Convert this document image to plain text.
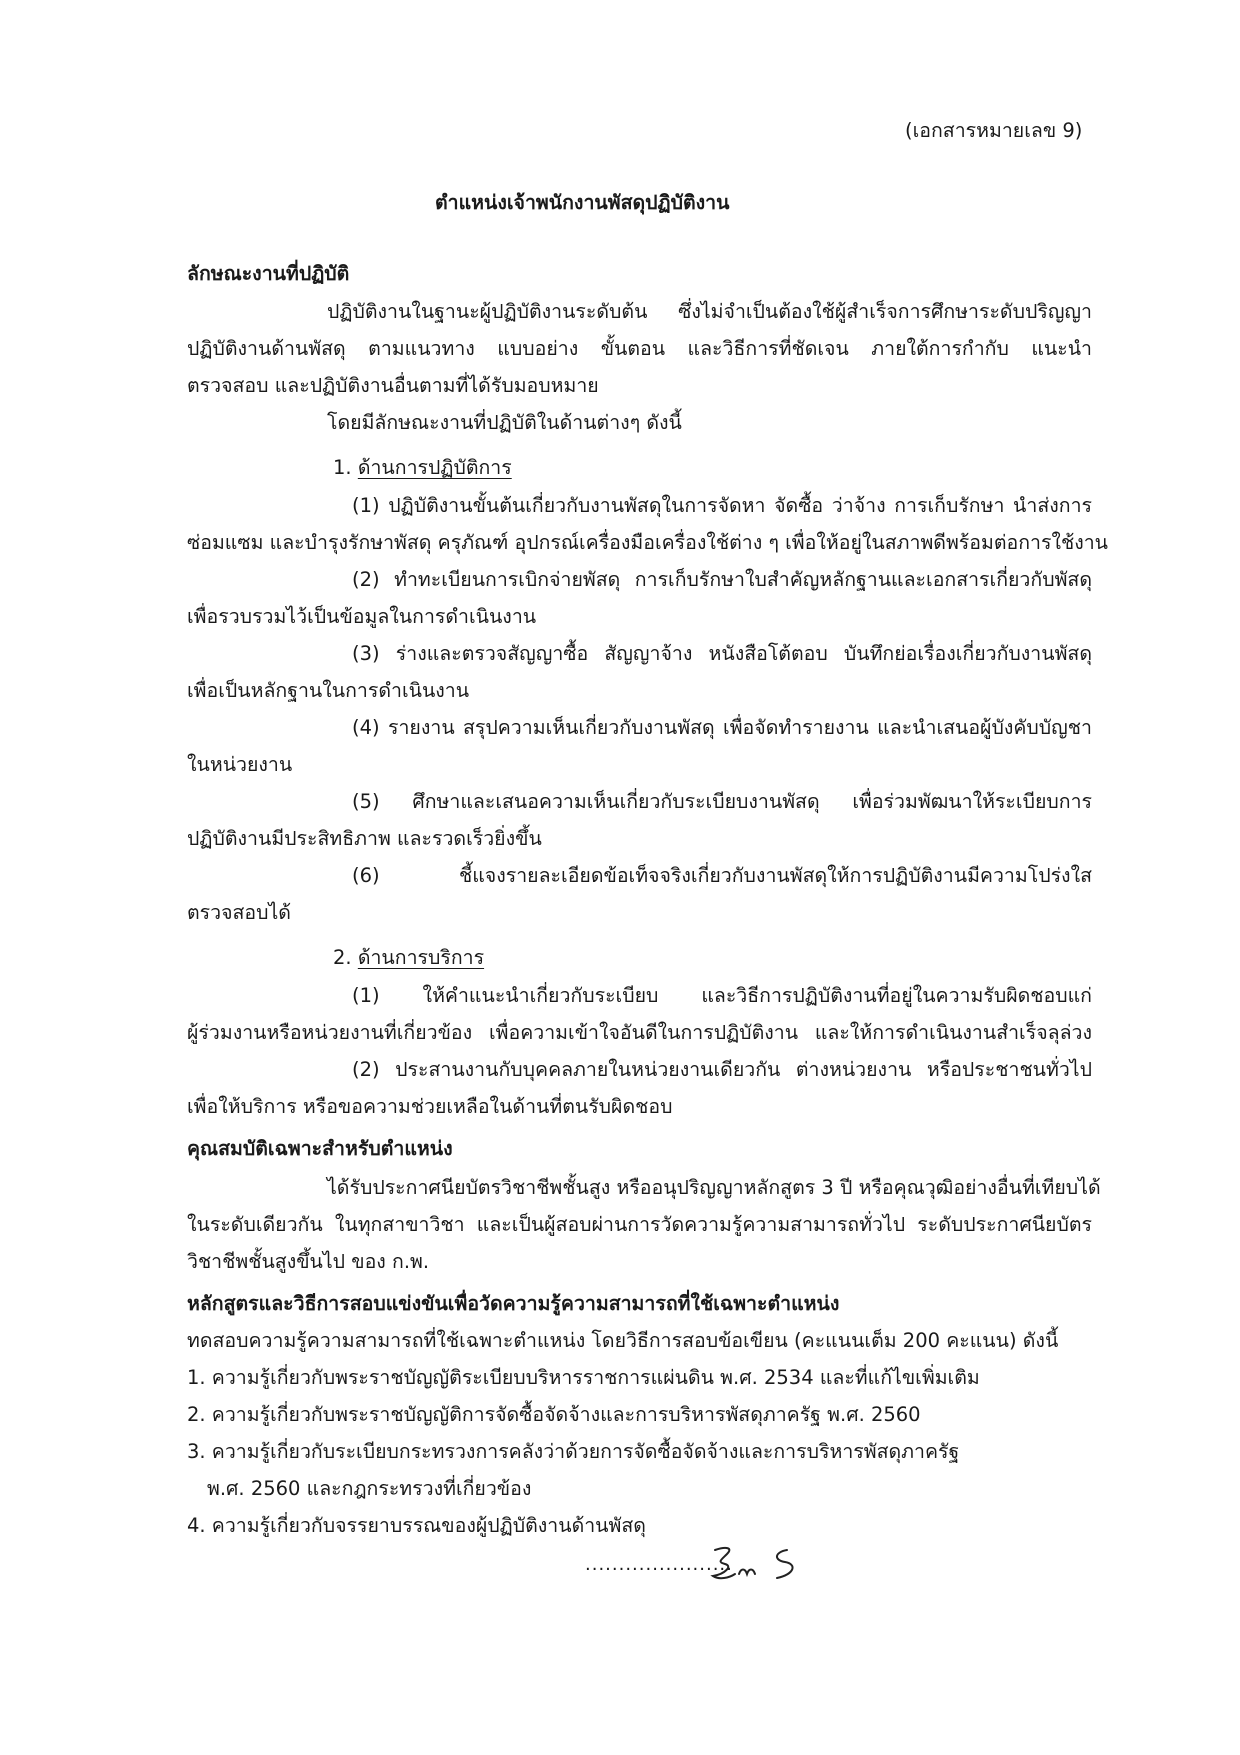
(เอกสารหมายเลข 9)
ตำแหน่งเจ้าพนักงานพัสดุปฏิบัติงาน
ลักษณะงานที่ปฏิบัติ
ปฏิบัติงานในฐานะผู้ปฏิบัติงานระดับต้น ซึ่งไม่จำเป็นต้องใช้ผู้สำเร็จการศึกษาระดับปริญญา
ปฏิบัติงานด้านพัสดุ ตามแนวทาง แบบอย่าง ขั้นตอน และวิธีการที่ชัดเจน ภายใต้การกำกับ แนะนำ
ตรวจสอบ และปฏิบัติงานอื่นตามที่ได้รับมอบหมาย
โดยมีลักษณะงานที่ปฏิบัติในด้านต่างๆ ดังนี้
1. ด้านการปฏิบัติการ
(1) ปฏิบัติงานขั้นต้นเกี่ยวกับงานพัสดุในการจัดหา จัดซื้อ ว่าจ้าง การเก็บรักษา นำส่งการ
ซ่อมแซม และบำรุงรักษาพัสดุ ครุภัณฑ์ อุปกรณ์เครื่องมือเครื่องใช้ต่าง ๆ เพื่อให้อยู่ในสภาพดีพร้อมต่อการใช้งาน
(2) ทำทะเบียนการเบิกจ่ายพัสดุ การเก็บรักษาใบสำคัญหลักฐานและเอกสารเกี่ยวกับพัสดุ
เพื่อรวบรวมไว้เป็นข้อมูลในการดำเนินงาน
(3) ร่างและตรวจสัญญาซื้อ สัญญาจ้าง หนังสือโต้ตอบ บันทึกย่อเรื่องเกี่ยวกับงานพัสดุ
เพื่อเป็นหลักฐานในการดำเนินงาน
(4) รายงาน สรุปความเห็นเกี่ยวกับงานพัสดุ เพื่อจัดทำรายงาน และนำเสนอผู้บังคับบัญชา
ในหน่วยงาน
(5) ศึกษาและเสนอความเห็นเกี่ยวกับระเบียบงานพัสดุ เพื่อร่วมพัฒนาให้ระเบียบการ
ปฏิบัติงานมีประสิทธิภาพ และรวดเร็วยิ่งขึ้น
(6) ชี้แจงรายละเอียดข้อเท็จจริงเกี่ยวกับงานพัสดุให้การปฏิบัติงานมีความโปร่งใส
ตรวจสอบได้
2. ด้านการบริการ
(1) ให้คำแนะนำเกี่ยวกับระเบียบ และวิธีการปฏิบัติงานที่อยู่ในความรับผิดชอบแก่
ผู้ร่วมงานหรือหน่วยงานที่เกี่ยวข้อง เพื่อความเข้าใจอันดีในการปฏิบัติงาน และให้การดำเนินงานสำเร็จลุล่วง
(2) ประสานงานกับบุคคลภายในหน่วยงานเดียวกัน ต่างหน่วยงาน หรือประชาชนทั่วไป
เพื่อให้บริการ หรือขอความช่วยเหลือในด้านที่ตนรับผิดชอบ
คุณสมบัติเฉพาะสำหรับตำแหน่ง
ได้รับประกาศนียบัตรวิชาชีพชั้นสูง หรืออนุปริญญาหลักสูตร 3 ปี หรือคุณวุฒิอย่างอื่นที่เทียบได้
ในระดับเดียวกัน ในทุกสาขาวิชา และเป็นผู้สอบผ่านการวัดความรู้ความสามารถทั่วไป ระดับประกาศนียบัตร
วิชาชีพชั้นสูงขึ้นไป ของ ก.พ.
หลักสูตรและวิธีการสอบแข่งขันเพื่อวัดความรู้ความสามารถที่ใช้เฉพาะตำแหน่ง
ทดสอบความรู้ความสามารถที่ใช้เฉพาะตำแหน่ง โดยวิธีการสอบข้อเขียน (คะแนนเต็ม 200 คะแนน) ดังนี้
1. ความรู้เกี่ยวกับพระราชบัญญัติระเบียบบริหารราชการแผ่นดิน พ.ศ. 2534 และที่แก้ไขเพิ่มเติม
2. ความรู้เกี่ยวกับพระราชบัญญัติการจัดซื้อจัดจ้างและการบริหารพัสดุภาครัฐ พ.ศ. 2560
3. ความรู้เกี่ยวกับระเบียบกระทรวงการคลังว่าด้วยการจัดซื้อจัดจ้างและการบริหารพัสดุภาครัฐ
พ.ศ. 2560 และกฎกระทรวงที่เกี่ยวข้อง
4. ความรู้เกี่ยวกับจรรยาบรรณของผู้ปฏิบัติงานด้านพัสดุ
......................
